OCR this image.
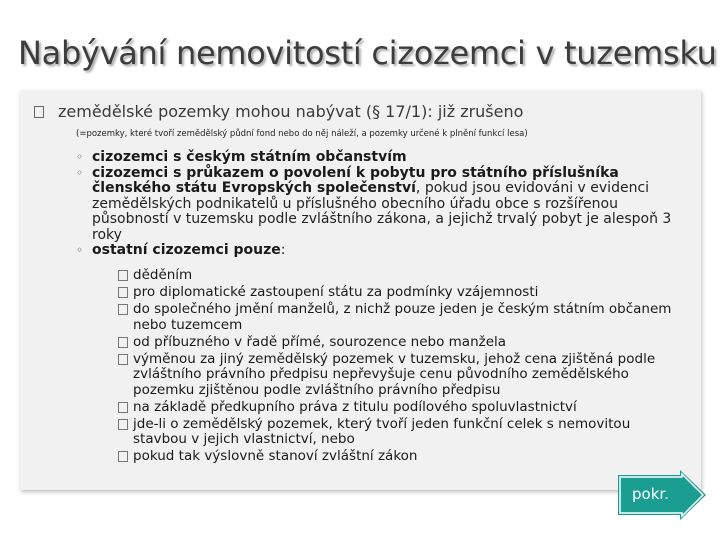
Nabývání nemovitostí cizozemci v tuzemsku
zemědělské pozemky mohou nabývat (§ 17/1): již zrušeno
(=pozemky, které tvoří zemědělský půdní fond nebo do něj náleží, a pozemky určené k plnění funkcí lesa)
◦ cizozemci s českým státním občanstvím
◦ cizozemci s průkazem o povolení k pobytu pro státního příslušníka členského státu Evropských společenství, pokud jsou evidováni v evidenci zemědělských podnikatelů u příslušného obecního úřadu obce s rozšířenou působností v tuzemsku podle zvláštního zákona, a jejichž trvalý pobyt je alespoň 3 roky
◦ ostatní cizozemci pouze:
děděním
pro diplomatické zastoupení státu za podmínky vzájemnosti
do společného jmění manželů, z nichž pouze jeden je českým státním občanem nebo tuzemcem
od příbuzného v řadě přímé, sourozence nebo manžela
výměnou za jiný zemědělský pozemek v tuzemsku, jehož cena zjištěná podle zvláštního právního předpisu nepřevyšuje cenu původního zemědělského pozemku zjištěnou podle zvláštního právního předpisu
na základě předkupního práva z titulu podílového spoluvlastnictví
jde-li o zemědělský pozemek, který tvoří jeden funkční celek s nemovitou stavbou v jejich vlastnictví, nebo
pokud tak výslovně stanoví zvláštní zákon
pokr.
